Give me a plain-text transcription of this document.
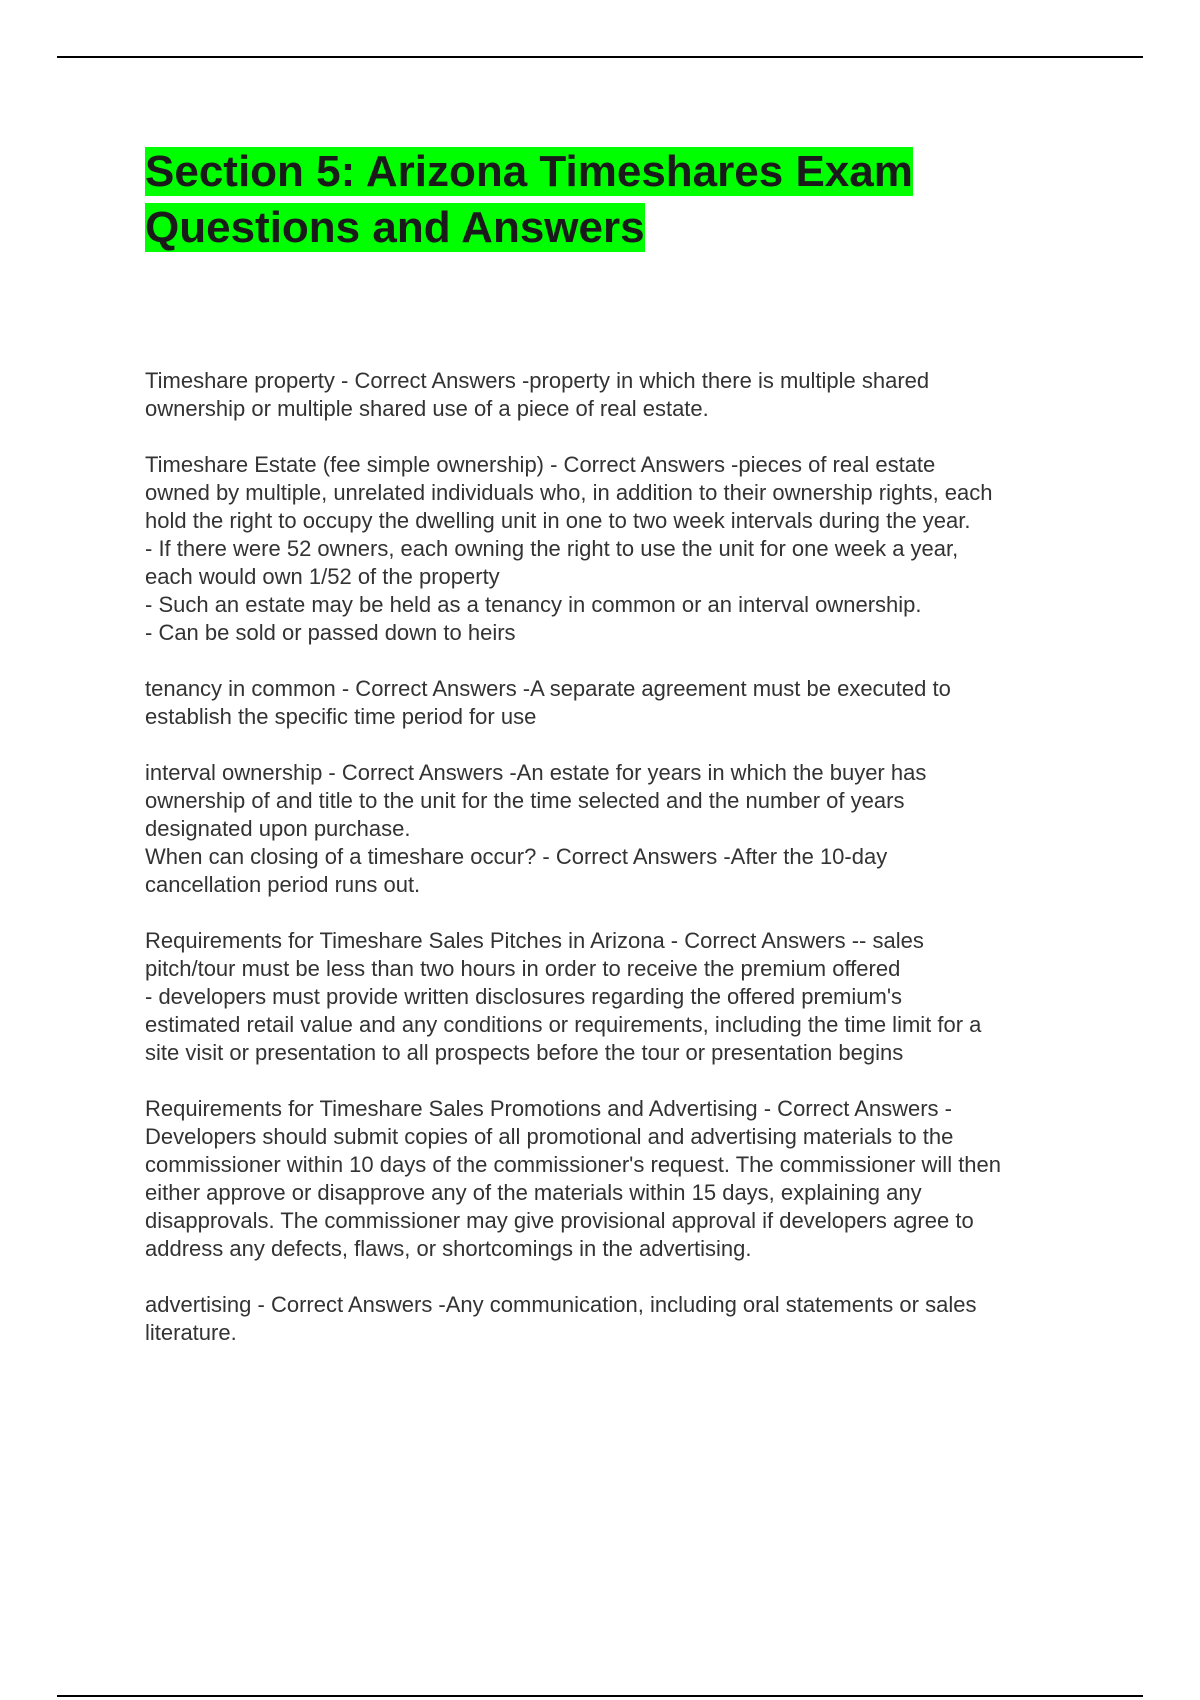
Section 5: Arizona Timeshares Exam
Questions and Answers

Timeshare property - Correct Answers -property in which there is multiple shared
ownership or multiple shared use of a piece of real estate.

Timeshare Estate (fee simple ownership) - Correct Answers -pieces of real estate
owned by multiple, unrelated individuals who, in addition to their ownership rights, each
hold the right to occupy the dwelling unit in one to two week intervals during the year.
- If there were 52 owners, each owning the right to use the unit for one week a year,
each would own 1/52 of the property
- Such an estate may be held as a tenancy in common or an interval ownership.
- Can be sold or passed down to heirs

tenancy in common - Correct Answers -A separate agreement must be executed to
establish the specific time period for use

interval ownership - Correct Answers -An estate for years in which the buyer has
ownership of and title to the unit for the time selected and the number of years
designated upon purchase.

When can closing of a timeshare occur? - Correct Answers -After the 10-day
cancellation period runs out.

Requirements for Timeshare Sales Pitches in Arizona - Correct Answers -- sales
pitch/tour must be less than two hours in order to receive the premium offered
- developers must provide written disclosures regarding the offered premium's
estimated retail value and any conditions or requirements, including the time limit for a
site visit or presentation to all prospects before the tour or presentation begins

Requirements for Timeshare Sales Promotions and Advertising - Correct Answers -
Developers should submit copies of all promotional and advertising materials to the
commissioner within 10 days of the commissioner's request. The commissioner will then
either approve or disapprove any of the materials within 15 days, explaining any
disapprovals. The commissioner may give provisional approval if developers agree to
address any defects, flaws, or shortcomings in the advertising.

advertising - Correct Answers -Any communication, including oral statements or sales
literature.
